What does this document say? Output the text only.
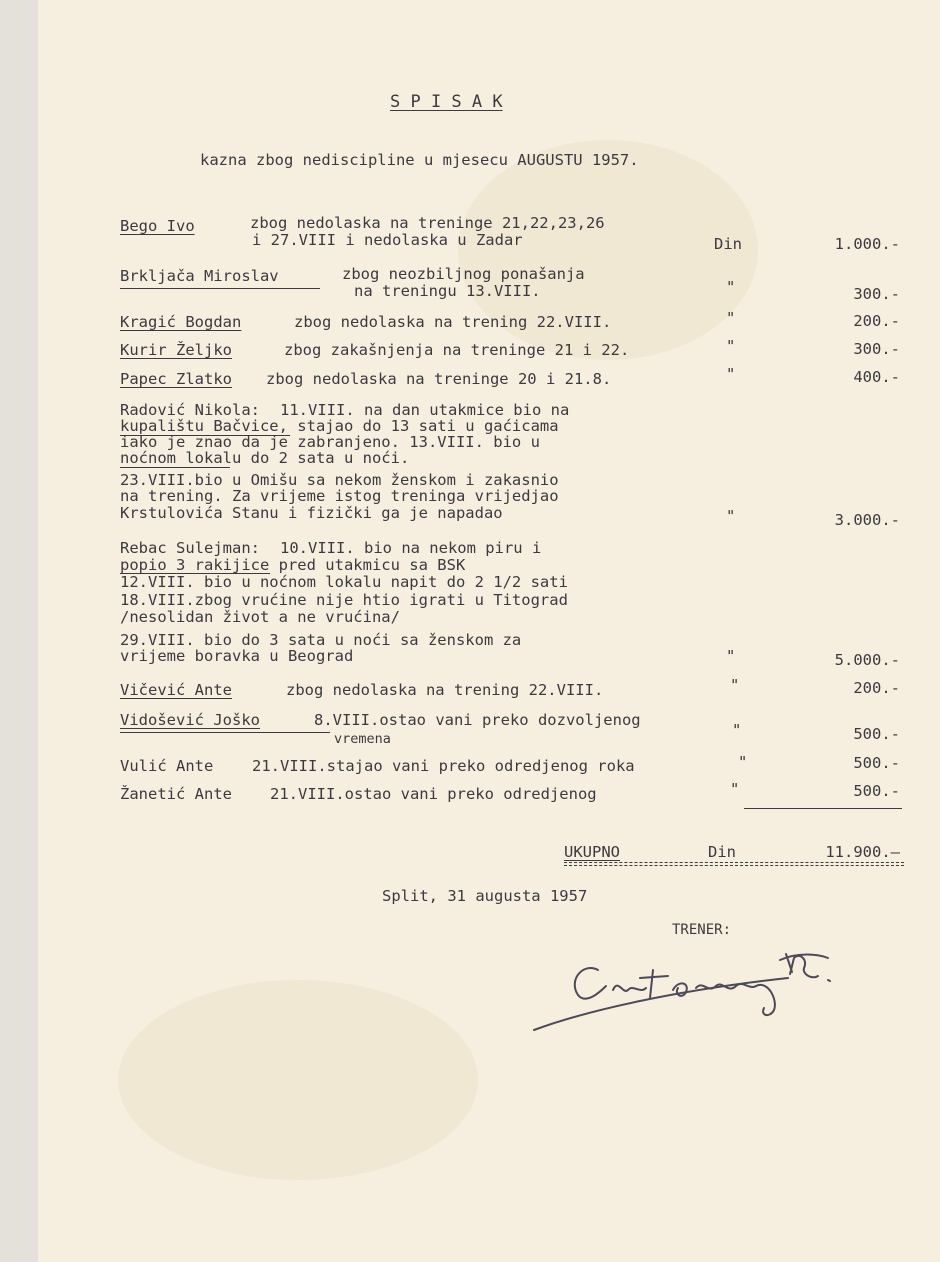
S P I S A K
kazna zbog nediscipline u mjesecu AUGUSTU 1957.
Bego Ivo	zbog nedolaska na treninge 21,22,23,26
i 27.VIII i nedolaska u Zadar	Din	1.000.-
Brkljača Miroslav	zbog neozbiljnog ponašanja
na treningu 13.VIII.	"	300.-
Kragić Bogdan	zbog nedolaska na trening 22.VIII.	"	200.-
Kurir Željko	zbog zakašnjenja na treninge 21 i 22.	"	300.-
Papec Zlatko zbog nedolaska na treninge 20 i 21.8.	"	400.-
Radović Nikola: 11.VIII. na dan utakmice bio na
kupalištu Bačvice, stajao do 13 sati u gaćicama
iako je znao da je zabranjeno. 13.VIII. bio u
noćnom lokalu do 2 sata u noći.
23.VIII.bio u Omišu sa nekom ženskom i zakasnio
na trening. Za vrijeme istog treninga vrijedjao
Krstulovića Stanu i fizički ga je napadao	"	3.000.-
Rebac Sulejman: 10.VIII. bio na nekom piru i
popio 3 rakijice pred utakmicu sa BSK
12.VIII. bio u noćnom lokalu napit do 2 1/2 sati
18.VIII.zbog vrućine nije htio igrati u Titograd
/nesolidan život a ne vrućina/
29.VIII. bio do 3 sata u noći sa ženskom za
vrijeme boravka u Beograd	"	5.000.-
Vičević Ante	zbog nedolaska na trening 22.VIII.	"	200.-
Vidošević Joško	8.VIII.ostao vani preko dozvoljenog
vremena	"	500.-
Vulić Ante 21.VIII.stajao vani preko odredjenog roka	"	500.-
Žanetić Ante 21.VIII.ostao vani preko odredjenog	"	500.-
UKUPNO	Din	11.900.—
Split, 31 augusta 1957
TRENER:
